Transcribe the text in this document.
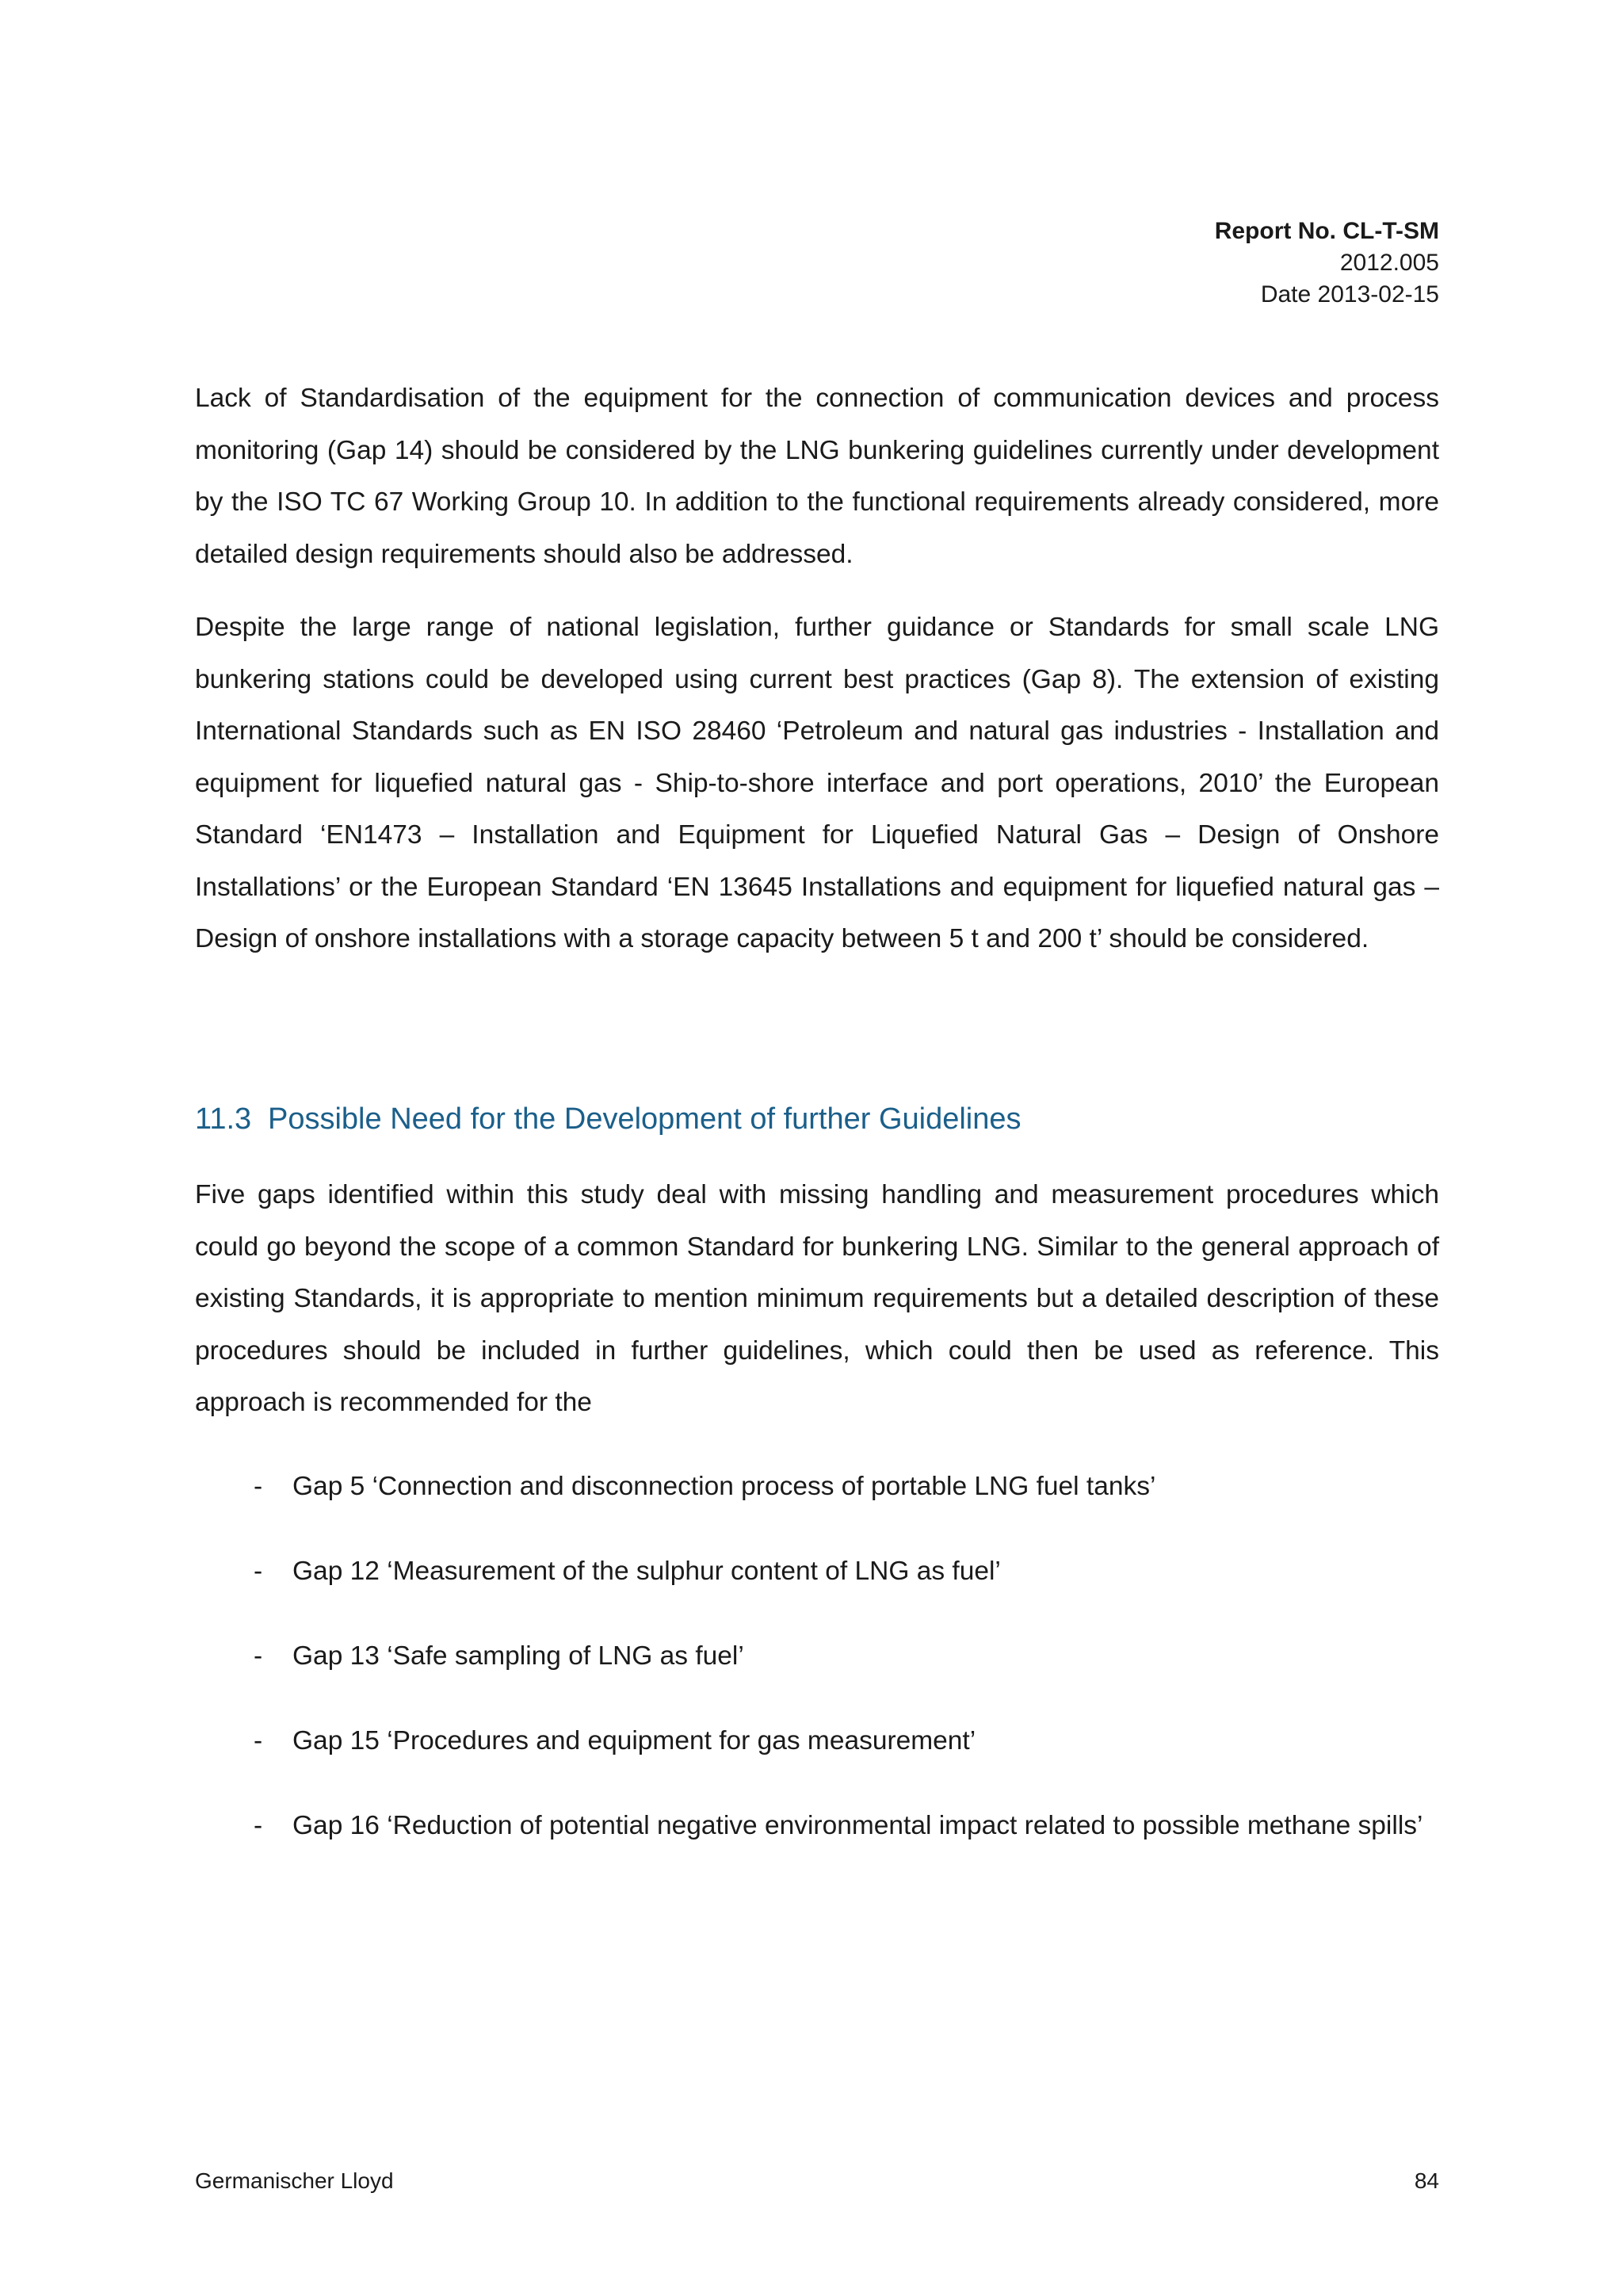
Report No. CL-T-SM
2012.005
Date 2013-02-15

Lack of Standardisation of the equipment for the connection of communication devices and process monitoring (Gap 14) should be considered by the LNG bunkering guidelines currently under development by the ISO TC 67 Working Group 10. In addition to the functional requirements already considered, more detailed design requirements should also be addressed.

Despite the large range of national legislation, further guidance or Standards for small scale LNG bunkering stations could be developed using current best practices (Gap 8). The extension of existing International Standards such as EN ISO 28460 ‘Petroleum and natural gas industries - Installation and equipment for liquefied natural gas - Ship-to-shore interface and port operations, 2010’ the European Standard ‘EN1473 – Installation and Equipment for Liquefied Natural Gas – Design of Onshore Installations’ or the European Standard ‘EN 13645 Installations and equipment for liquefied natural gas – Design of onshore installations with a storage capacity between 5 t and 200 t’ should be considered.

11.3 Possible Need for the Development of further Guidelines

Five gaps identified within this study deal with missing handling and measurement procedures which could go beyond the scope of a common Standard for bunkering LNG. Similar to the general approach of existing Standards, it is appropriate to mention minimum requirements but a detailed description of these procedures should be included in further guidelines, which could then be used as reference. This approach is recommended for the

- Gap 5 ‘Connection and disconnection process of portable LNG fuel tanks’
- Gap 12 ‘Measurement of the sulphur content of LNG as fuel’
- Gap 13 ‘Safe sampling of LNG as fuel’
- Gap 15 ‘Procedures and equipment for gas measurement’
- Gap 16 ‘Reduction of potential negative environmental impact related to possible methane spills’
Germanischer Lloyd	84
